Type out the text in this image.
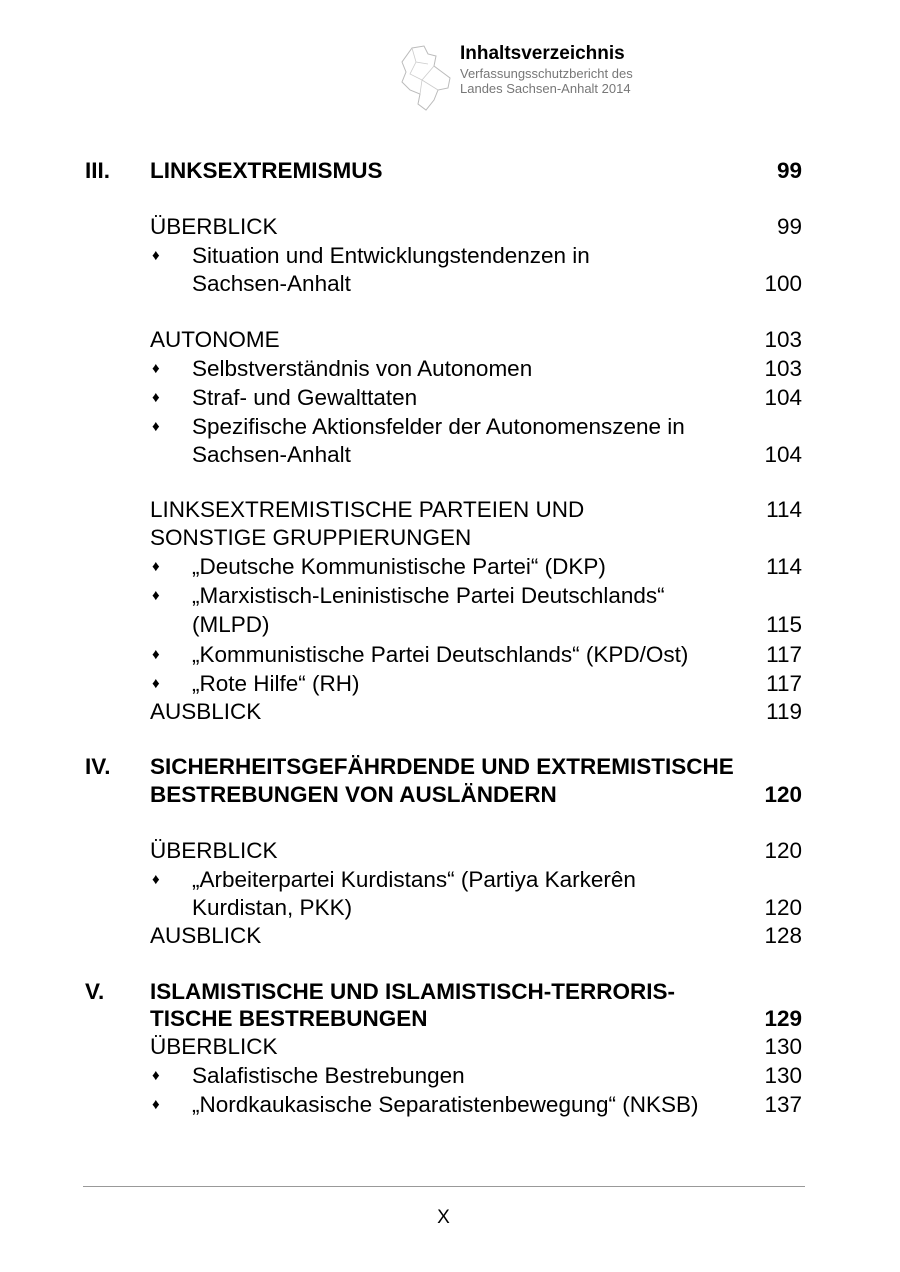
Inhaltsverzeichnis
Verfassungsschutzbericht des
Landes Sachsen-Anhalt 2014
III. LINKSEXTREMISMUS	99
ÜBERBLICK	99
♦ Situation und Entwicklungstendenzen in
Sachsen-Anhalt	100
AUTONOME	103
♦ Selbstverständnis von Autonomen	103
♦ Straf- und Gewalttaten	104
♦ Spezifische Aktionsfelder der Autonomenszene in
Sachsen-Anhalt	104
LINKSEXTREMISTISCHE PARTEIEN UND	114
SONSTIGE GRUPPIERUNGEN
♦ „Deutsche Kommunistische Partei“ (DKP)	114
♦ „Marxistisch-Leninistische Partei Deutschlands“
(MLPD)	115
♦ „Kommunistische Partei Deutschlands“ (KPD/Ost)	117
♦ „Rote Hilfe“ (RH)	117
AUSBLICK	119
IV. SICHERHEITSGEFÄHRDENDE UND EXTREMISTISCHE
BESTREBUNGEN VON AUSLÄNDERN	120
ÜBERBLICK	120
♦ „Arbeiterpartei Kurdistans“ (Partiya Karkerên
Kurdistan, PKK)	120
AUSBLICK	128
V. ISLAMISTISCHE UND ISLAMISTISCH-TERRORIS-
TISCHE BESTREBUNGEN	129
ÜBERBLICK	130
♦ Salafistische Bestrebungen	130
♦ „Nordkaukasische Separatistenbewegung“ (NKSB)	137
X
